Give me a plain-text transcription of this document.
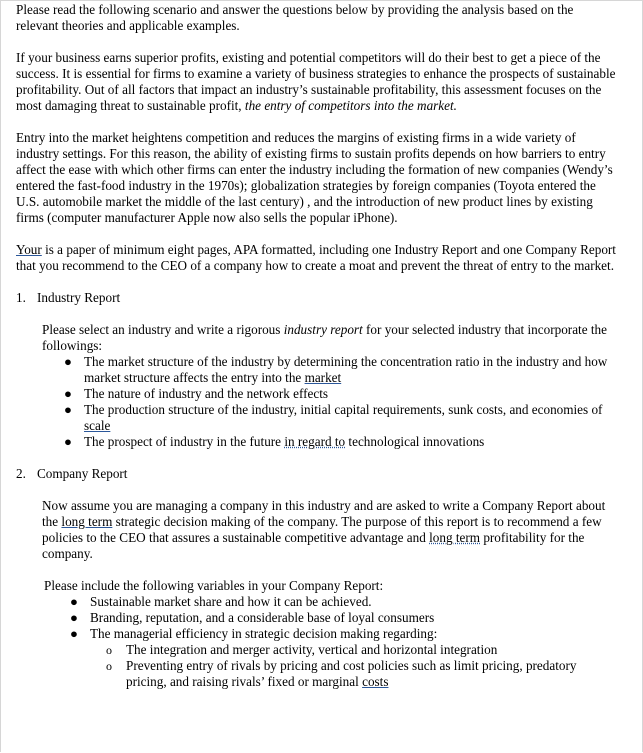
Please read the following scenario and answer the questions below by providing the analysis based on the relevant theories and applicable examples.

If your business earns superior profits, existing and potential competitors will do their best to get a piece of the success. It is essential for firms to examine a variety of business strategies to enhance the prospects of sustainable profitability. Out of all factors that impact an industry’s sustainable profitability, this assessment focuses on the most damaging threat to sustainable profit, the entry of competitors into the market.

Entry into the market heightens competition and reduces the margins of existing firms in a wide variety of industry settings. For this reason, the ability of existing firms to sustain profits depends on how barriers to entry affect the ease with which other firms can enter the industry including the formation of new companies (Wendy’s entered the fast-food industry in the 1970s); globalization strategies by foreign companies (Toyota entered the U.S. automobile market the middle of the last century) , and the introduction of new product lines by existing firms (computer manufacturer Apple now also sells the popular iPhone).

Your is a paper of minimum eight pages, APA formatted, including one Industry Report and one Company Report that you recommend to the CEO of a company how to create a moat and prevent the threat of entry to the market.

1. Industry Report
Please select an industry and write a rigorous industry report for your selected industry that incorporate the followings:
● The market structure of the industry by determining the concentration ratio in the industry and how market structure affects the entry into the market
● The nature of industry and the network effects
● The production structure of the industry, initial capital requirements, sunk costs, and economies of scale
● The prospect of industry in the future in regard to technological innovations
2. Company Report

Now assume you are managing a company in this industry and are asked to write a Company Report about the long term strategic decision making of the company. The purpose of this report is to recommend a few policies to the CEO that assures a sustainable competitive advantage and long term profitability for the company.

Please include the following variables in your Company Report:
● Sustainable market share and how it can be achieved.
● Branding, reputation, and a considerable base of loyal consumers
● The managerial efficiency in strategic decision making regarding:
o The integration and merger activity, vertical and horizontal integration
o Preventing entry of rivals by pricing and cost policies such as limit pricing, predatory pricing, and raising rivals’ fixed or marginal costs
